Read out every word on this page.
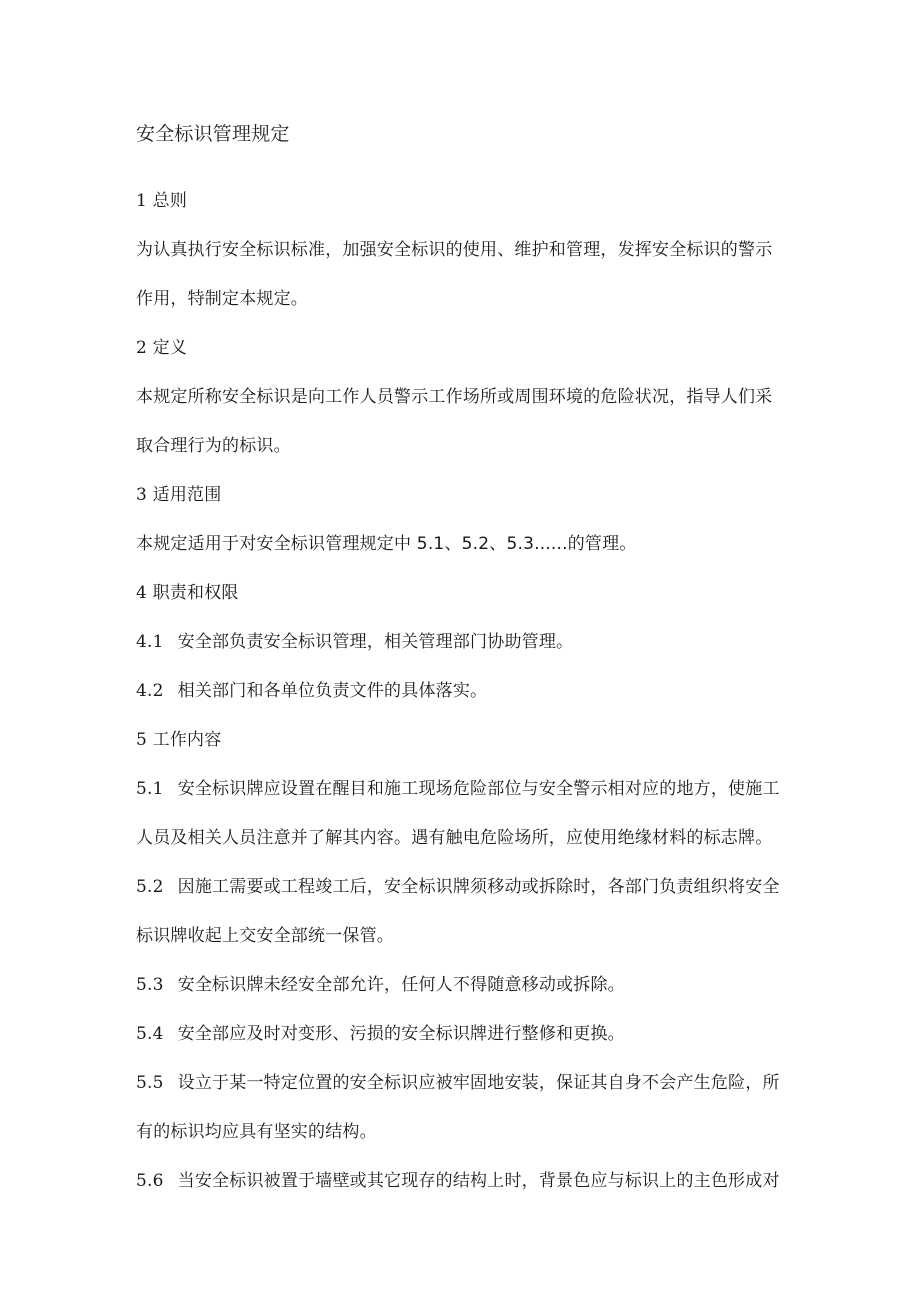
安全标识管理规定
1 总则
为认真执行安全标识标准，加强安全标识的使用、维护和管理，发挥安全标识的警示
作用，特制定本规定。
2 定义
本规定所称安全标识是向工作人员警示工作场所或周围环境的危险状况，指导人们采
取合理行为的标识。
3 适用范围
本规定适用于对安全标识管理规定中 5.1、5.2、5.3......的管理。
4 职责和权限
4.1 安全部负责安全标识管理，相关管理部门协助管理。
4.2 相关部门和各单位负责文件的具体落实。
5 工作内容
5.1 安全标识牌应设置在醒目和施工现场危险部位与安全警示相对应的地方，使施工
人员及相关人员注意并了解其内容。遇有触电危险场所，应使用绝缘材料的标志牌。
5.2 因施工需要或工程竣工后，安全标识牌须移动或拆除时，各部门负责组织将安全
标识牌收起上交安全部统一保管。
5.3 安全标识牌未经安全部允许，任何人不得随意移动或拆除。
5.4 安全部应及时对变形、污损的安全标识牌进行整修和更换。
5.5 设立于某一特定位置的安全标识应被牢固地安装，保证其自身不会产生危险，所
有的标识均应具有坚实的结构。
5.6 当安全标识被置于墙壁或其它现存的结构上时，背景色应与标识上的主色形成对
